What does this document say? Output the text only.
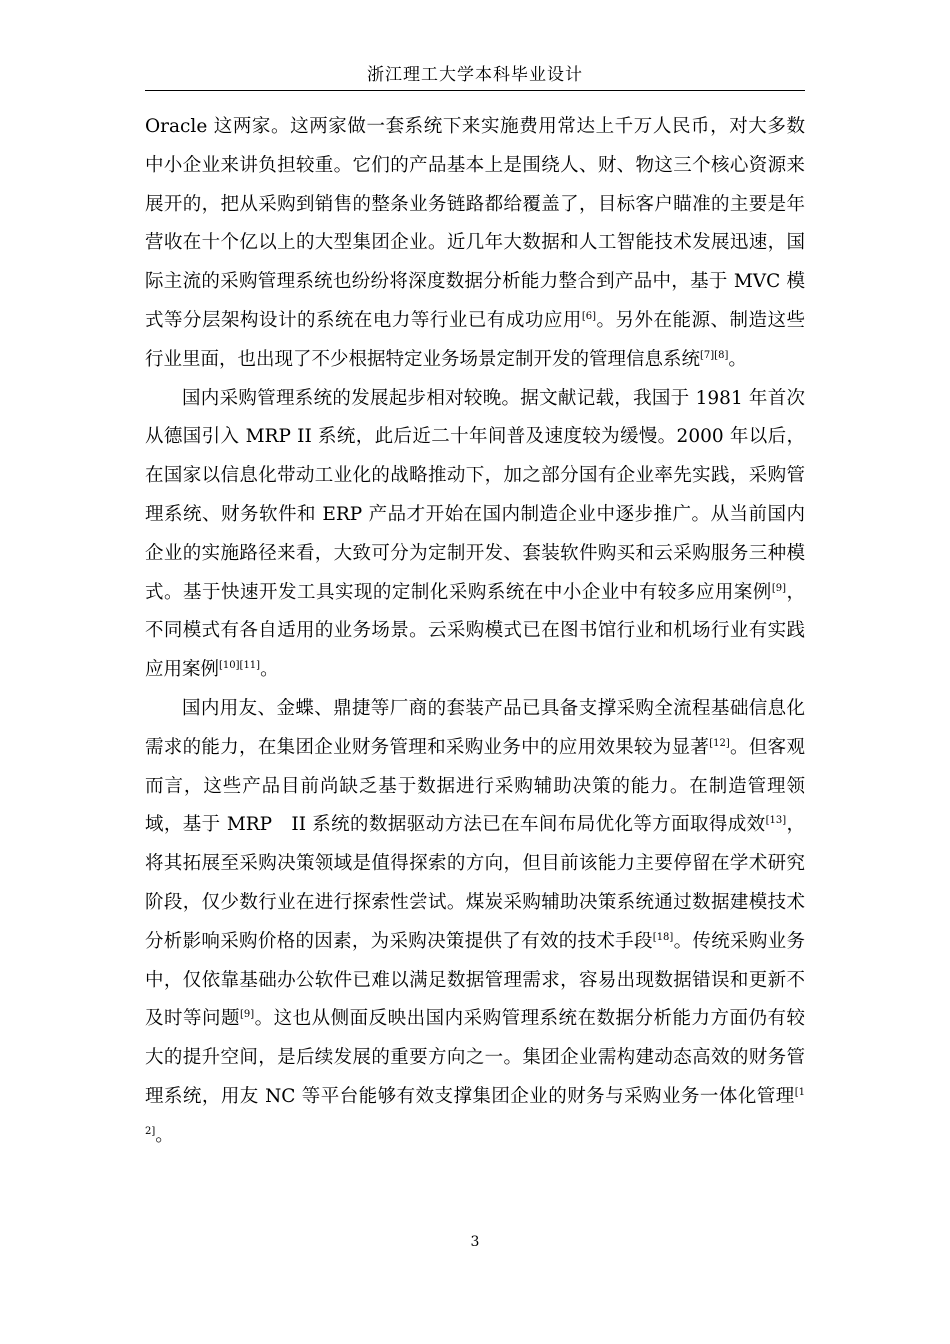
浙江理工大学本科毕业设计

Oracle 这两家。这两家做一套系统下来实施费用常达上千万人民币，对大多数中小企业来讲负担较重。它们的产品基本上是围绕人、财、物这三个核心资源来展开的，把从采购到销售的整条业务链路都给覆盖了，目标客户瞄准的主要是年营收在十个亿以上的大型集团企业。近几年大数据和人工智能技术发展迅速，国际主流的采购管理系统也纷纷将深度数据分析能力整合到产品中，基于 MVC 模式等分层架构设计的系统在电力等行业已有成功应用[6]。另外在能源、制造这些行业里面，也出现了不少根据特定业务场景定制开发的管理信息系统[7][8]。

国内采购管理系统的发展起步相对较晚。据文献记载，我国于 1981 年首次从德国引入 MRP II 系统，此后近二十年间普及速度较为缓慢。2000 年以后，在国家以信息化带动工业化的战略推动下，加之部分国有企业率先实践，采购管理系统、财务软件和 ERP 产品才开始在国内制造企业中逐步推广。从当前国内企业的实施路径来看，大致可分为定制开发、套装软件购买和云采购服务三种模式。基于快速开发工具实现的定制化采购系统在中小企业中有较多应用案例[9]，不同模式有各自适用的业务场景。云采购模式已在图书馆行业和机场行业有实践应用案例[10][11]。

国内用友、金蝶、鼎捷等厂商的套装产品已具备支撑采购全流程基础信息化需求的能力，在集团企业财务管理和采购业务中的应用效果较为显著[12]。但客观而言，这些产品目前尚缺乏基于数据进行采购辅助决策的能力。在制造管理领域，基于 MRP　II 系统的数据驱动方法已在车间布局优化等方面取得成效[13]，将其拓展至采购决策领域是值得探索的方向，但目前该能力主要停留在学术研究阶段，仅少数行业在进行探索性尝试。煤炭采购辅助决策系统通过数据建模技术分析影响采购价格的因素，为采购决策提供了有效的技术手段[18]。传统采购业务中，仅依靠基础办公软件已难以满足数据管理需求，容易出现数据错误和更新不及时等问题[9]。这也从侧面反映出国内采购管理系统在数据分析能力方面仍有较大的提升空间，是后续发展的重要方向之一。集团企业需构建动态高效的财务管理系统，用友 NC 等平台能够有效支撑集团企业的财务与采购业务一体化管理[12]。

3
